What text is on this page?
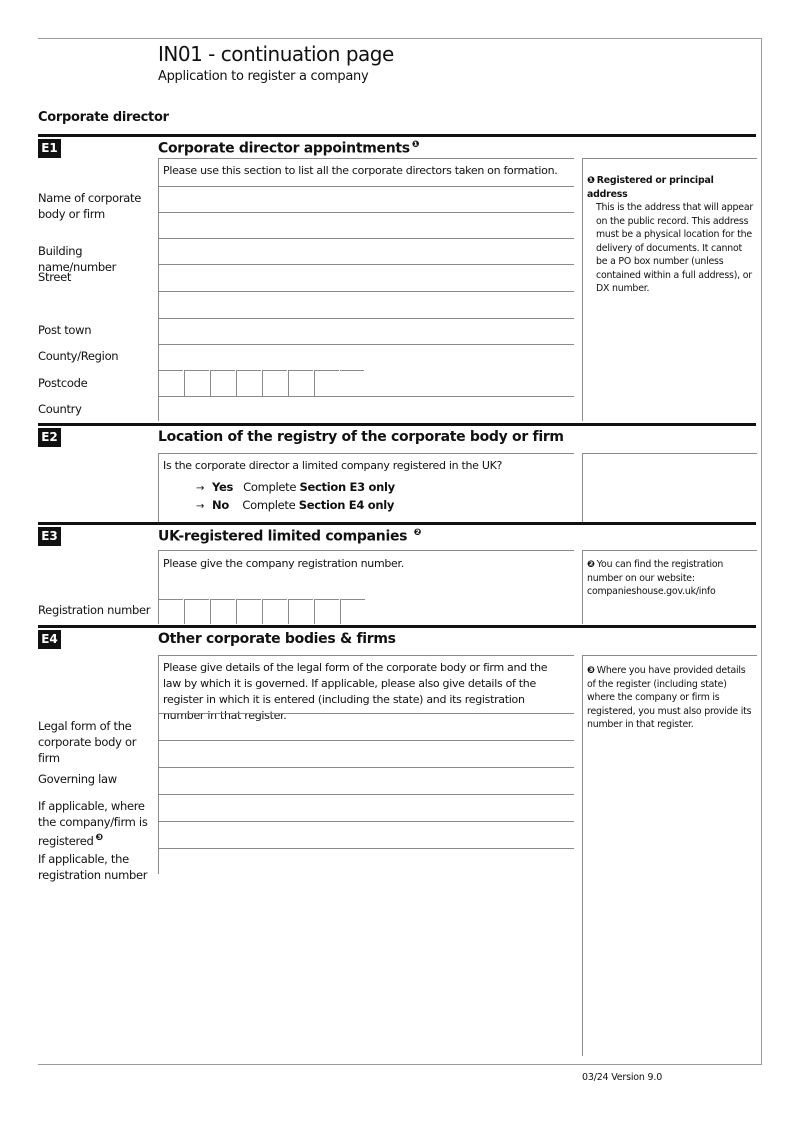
IN01 - continuation page
Application to register a company
Corporate director
E1	Corporate director appointments $^❶$
Please use this section to list all the corporate directors taken on formation.
❶ Registered or principal address

This is the address that will appear on the public record. This address must be a physical location for the delivery of documents. It cannot be a PO box number (unless contained within a full address), or DX number.
Name of corporate body or firm
Building name/number
Street
Post town
County/Region
Postcode
Country
E2	Location of the registry of the corporate body or firm
Is the corporate director a limited company registered in the UK?
→ Yes Complete Section E3 only
→ No Complete Section E4 only
E3	UK-registered limited companies $^❷$
Please give the company registration number.	❷ You can find the registration number on our website: companieshouse.gov.uk/info
Registration number
E4	Other corporate bodies & firms
Please give details of the legal form of the corporate body or firm and the law by which it is governed. If applicable, please also give details of the register in which it is entered (including the state) and its registration number in that register.
❸ Where you have provided details of the register (including state) where the company or firm is registered, you must also provide its number in that register.
Legal form of the corporate body or firm
Governing law
If applicable, where the company/firm is registered $^❸$
If applicable, the registration number
03/24 Version 9.0
